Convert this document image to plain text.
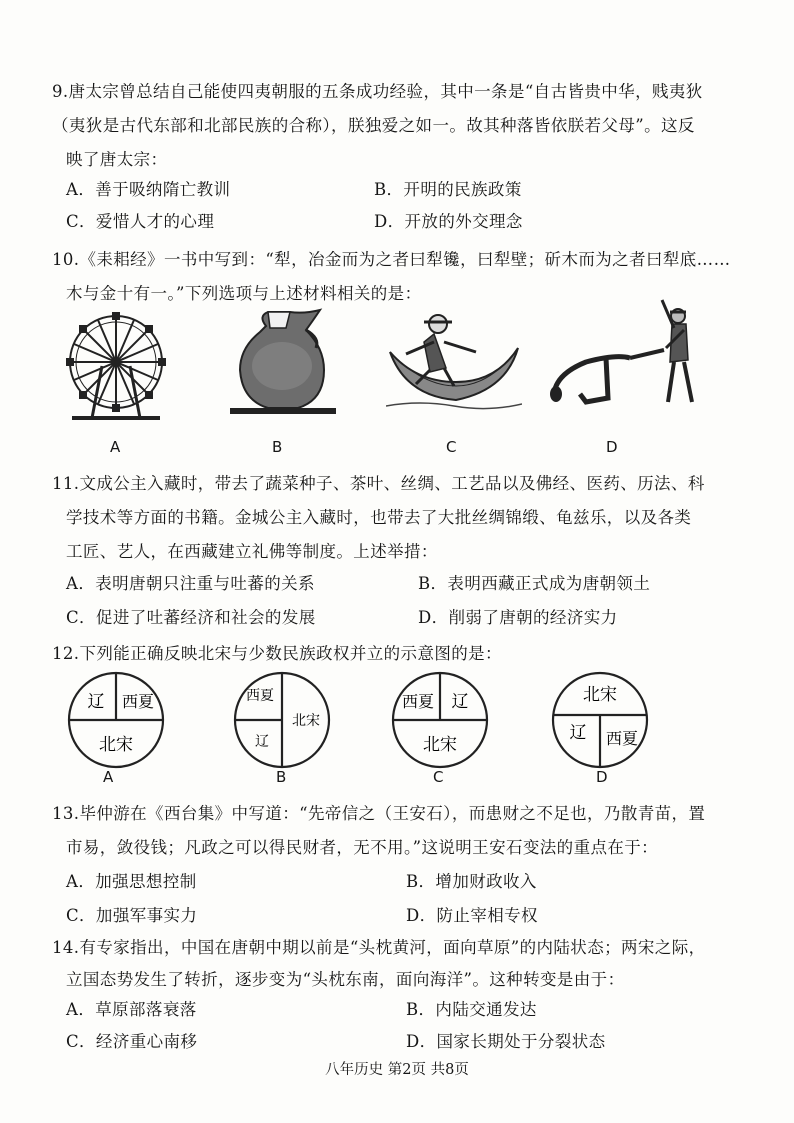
9.唐太宗曾总结自己能使四夷朝服的五条成功经验，其中一条是“自古皆贵中华，贱夷狄
（夷狄是古代东部和北部民族的合称），朕独爱之如一。故其种落皆依朕若父母”。这反
映了唐太宗：
A．善于吸纳隋亡教训	B．开明的民族政策
C．爱惜人才的心理	D．开放的外交理念
10.《耒耜经》一书中写到：“犁，冶金而为之者曰犁镵，曰犁壁；斫木而为之者曰犁底……
木与金十有一。”下列选项与上述材料相关的是：
A	B	C	D
11.文成公主入藏时，带去了蔬菜种子、茶叶、丝绸、工艺品以及佛经、医药、历法、科
学技术等方面的书籍。金城公主入藏时，也带去了大批丝绸锦缎、龟兹乐，以及各类
工匠、艺人，在西藏建立礼佛等制度。上述举措：
A．表明唐朝只注重与吐蕃的关系	B．表明西藏正式成为唐朝领土
C．促进了吐蕃经济和社会的发展	D．削弱了唐朝的经济实力
12.下列能正确反映北宋与少数民族政权并立的示意图的是：
辽 西夏
北宋
A
西夏
辽
北宋
B
西夏 辽
北宋
C
北宋
辽 西夏
D
13.毕仲游在《西台集》中写道：“先帝信之（王安石），而患财之不足也，乃散青苗，置
市易，敛役钱；凡政之可以得民财者，无不用。”这说明王安石变法的重点在于：
A．加强思想控制	B．增加财政收入
C．加强军事实力	D．防止宰相专权
14.有专家指出，中国在唐朝中期以前是“头枕黄河，面向草原”的内陆状态；两宋之际，
立国态势发生了转折，逐步变为“头枕东南，面向海洋”。这种转变是由于：
A．草原部落衰落	B．内陆交通发达
C．经济重心南移	D．国家长期处于分裂状态
八年历史 第2页 共8页
